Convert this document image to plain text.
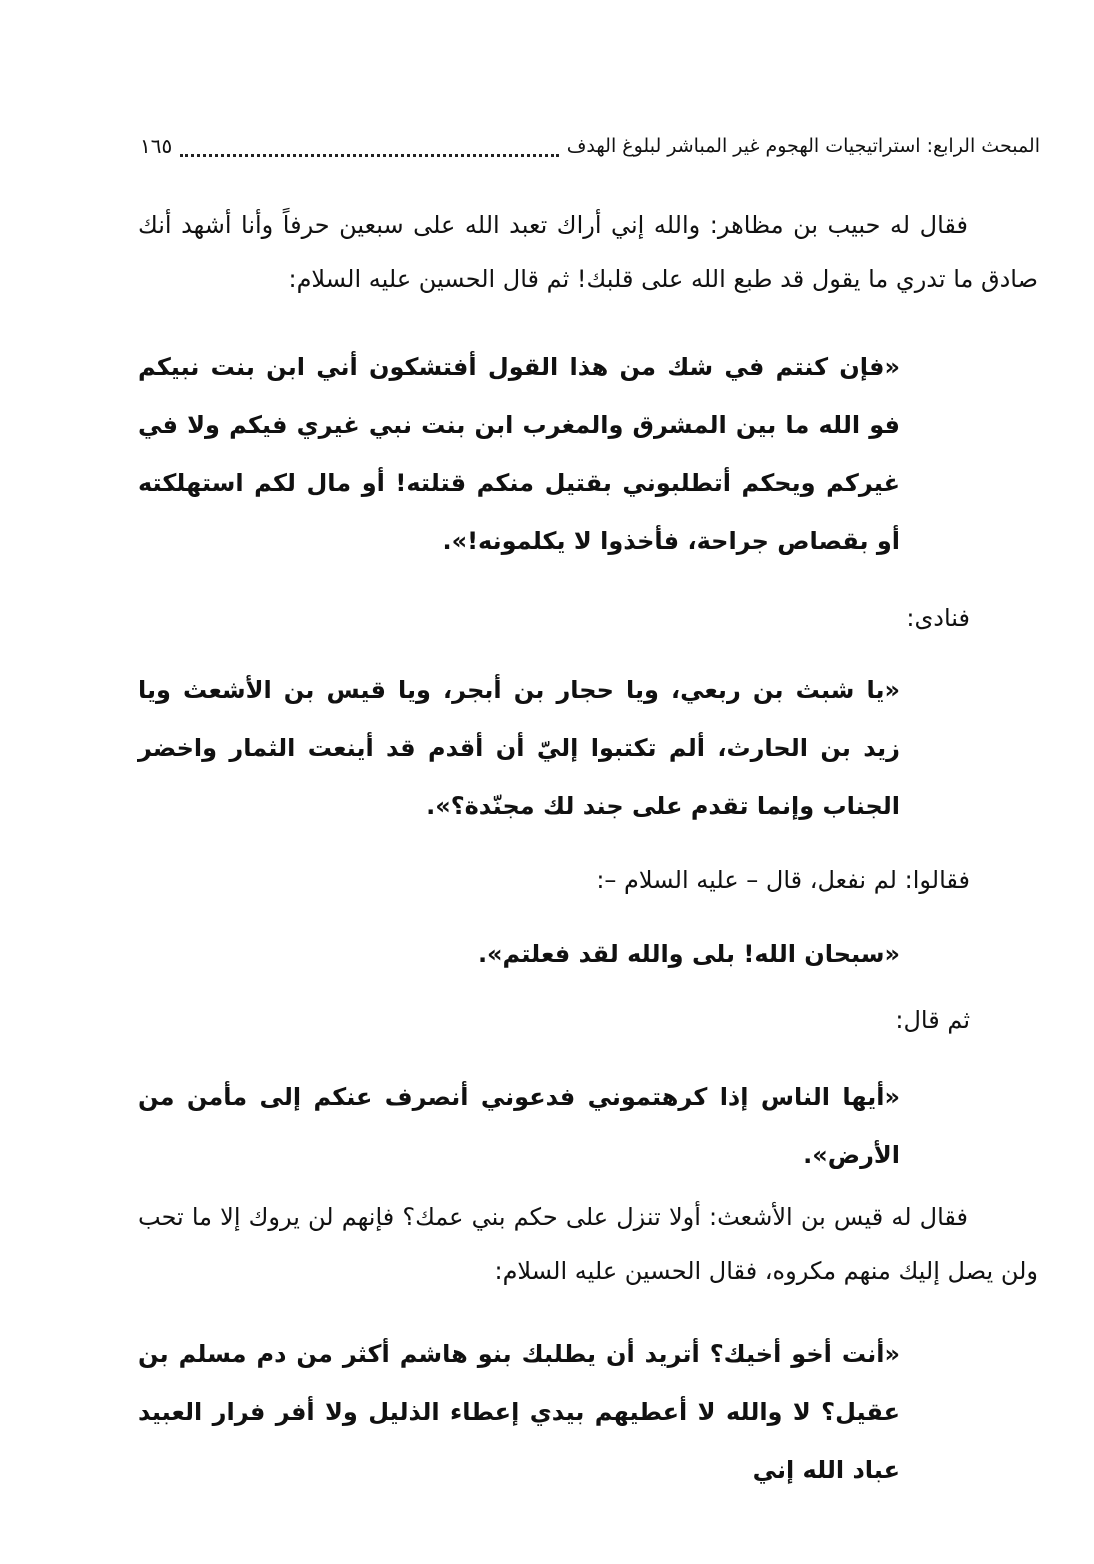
المبحث الرابع: استراتيجيات الهجوم غير المباشر لبلوغ الهدف
١٦٥

فقال له حبيب بن مظاهر: والله إني أراك تعبد الله على سبعين حرفاً وأنا أشهد أنك صادق ما تدري ما يقول قد طبع الله على قلبك! ثم قال الحسين عليه السلام:

«فإن كنتم في شك من هذا القول أفتشكون أني ابن بنت نبيكم فو الله ما بين المشرق والمغرب ابن بنت نبي غيري فيكم ولا في غيركم ويحكم أتطلبوني بقتيل منكم قتلته! أو مال لكم استهلكته أو بقصاص جراحة، فأخذوا لا يكلمونه!».

فنادى:

«يا شبث بن ربعي، ويا حجار بن أبجر، ويا قيس بن الأشعث ويا زيد بن الحارث، ألم تكتبوا إليّ أن أقدم قد أينعت الثمار واخضر الجناب وإنما تقدم على جند لك مجنّدة؟».

فقالوا: لم نفعل، قال – عليه السلام –:

«سبحان الله! بلى والله لقد فعلتم».

ثم قال:

«أيها الناس إذا كرهتموني فدعوني أنصرف عنكم إلى مأمن من الأرض».

فقال له قيس بن الأشعث: أولا تنزل على حكم بني عمك؟ فإنهم لن يروك إلا ما تحب ولن يصل إليك منهم مكروه، فقال الحسين عليه السلام:

«أنت أخو أخيك؟ أتريد أن يطلبك بنو هاشم أكثر من دم مسلم بن عقيل؟ لا والله لا أعطيهم بيدي إعطاء الذليل ولا أفر فرار العبيد عباد الله إني
